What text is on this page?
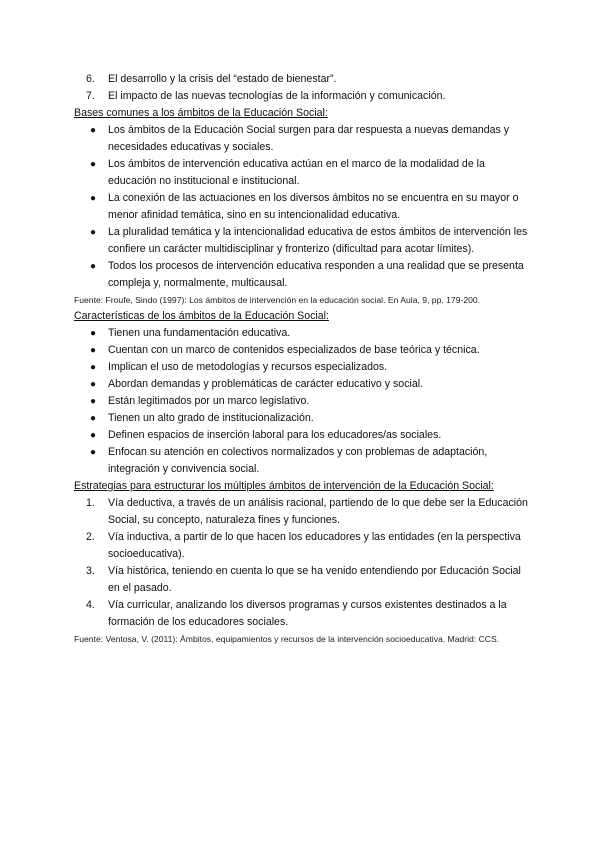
6.	El desarrollo y la crisis del “estado de bienestar”.
7.	El impacto de las nuevas tecnologías de la información y comunicación.

Bases comunes a los ámbitos de la Educación Social:

●	Los ámbitos de la Educación Social surgen para dar respuesta a nuevas demandas y necesidades educativas y sociales.
●	Los ámbitos de intervención educativa actúan en el marco de la modalidad de la educación no institucional e institucional.
●	La conexión de las actuaciones en los diversos ámbitos no se encuentra en su mayor o menor afinidad temática, sino en su intencionalidad educativa.
●	La pluralidad temática y la intencionalidad educativa de estos ámbitos de intervención les confiere un carácter multidisciplinar y fronterizo (dificultad para acotar límites).
●	Todos los procesos de intervención educativa responden a una realidad que se presenta compleja y, normalmente, multicausal.

Fuente: Froufe, Sindo (1997): Los ámbitos de intervención en la educación social. En Aula, 9, pp. 179-200.

Características de los ámbitos de la Educación Social:

●	Tienen una fundamentación educativa.
●	Cuentan con un marco de contenidos especializados de base teórica y técnica.
●	Implican el uso de metodologías y recursos especializados.
●	Abordan demandas y problemáticas de carácter educativo y social.
●	Están legitimados por un marco legislativo.
●	Tienen un alto grado de institucionalización.
●	Definen espacios de inserción laboral para los educadores/as sociales.
●	Enfocan su atención en colectivos normalizados y con problemas de adaptación, integración y convivencia social.

Estrategias para estructurar los múltiples ámbitos de intervención de la Educación Social:

1.	Vía deductiva, a través de un análisis racional, partiendo de lo que debe ser la Educación Social, su concepto, naturaleza fines y funciones.
2.	Vía inductiva, a partir de lo que hacen los educadores y las entidades (en la perspectiva socioeducativa).
3.	Vía histórica, teniendo en cuenta lo que se ha venido entendiendo por Educación Social en el pasado.
4.	Vía curricular, analizando los diversos programas y cursos existentes destinados a la formación de los educadores sociales.

Fuente: Ventosa, V. (2011): Ámbitos, equipamientos y recursos de la intervención socioeducativa. Madrid: CCS.
